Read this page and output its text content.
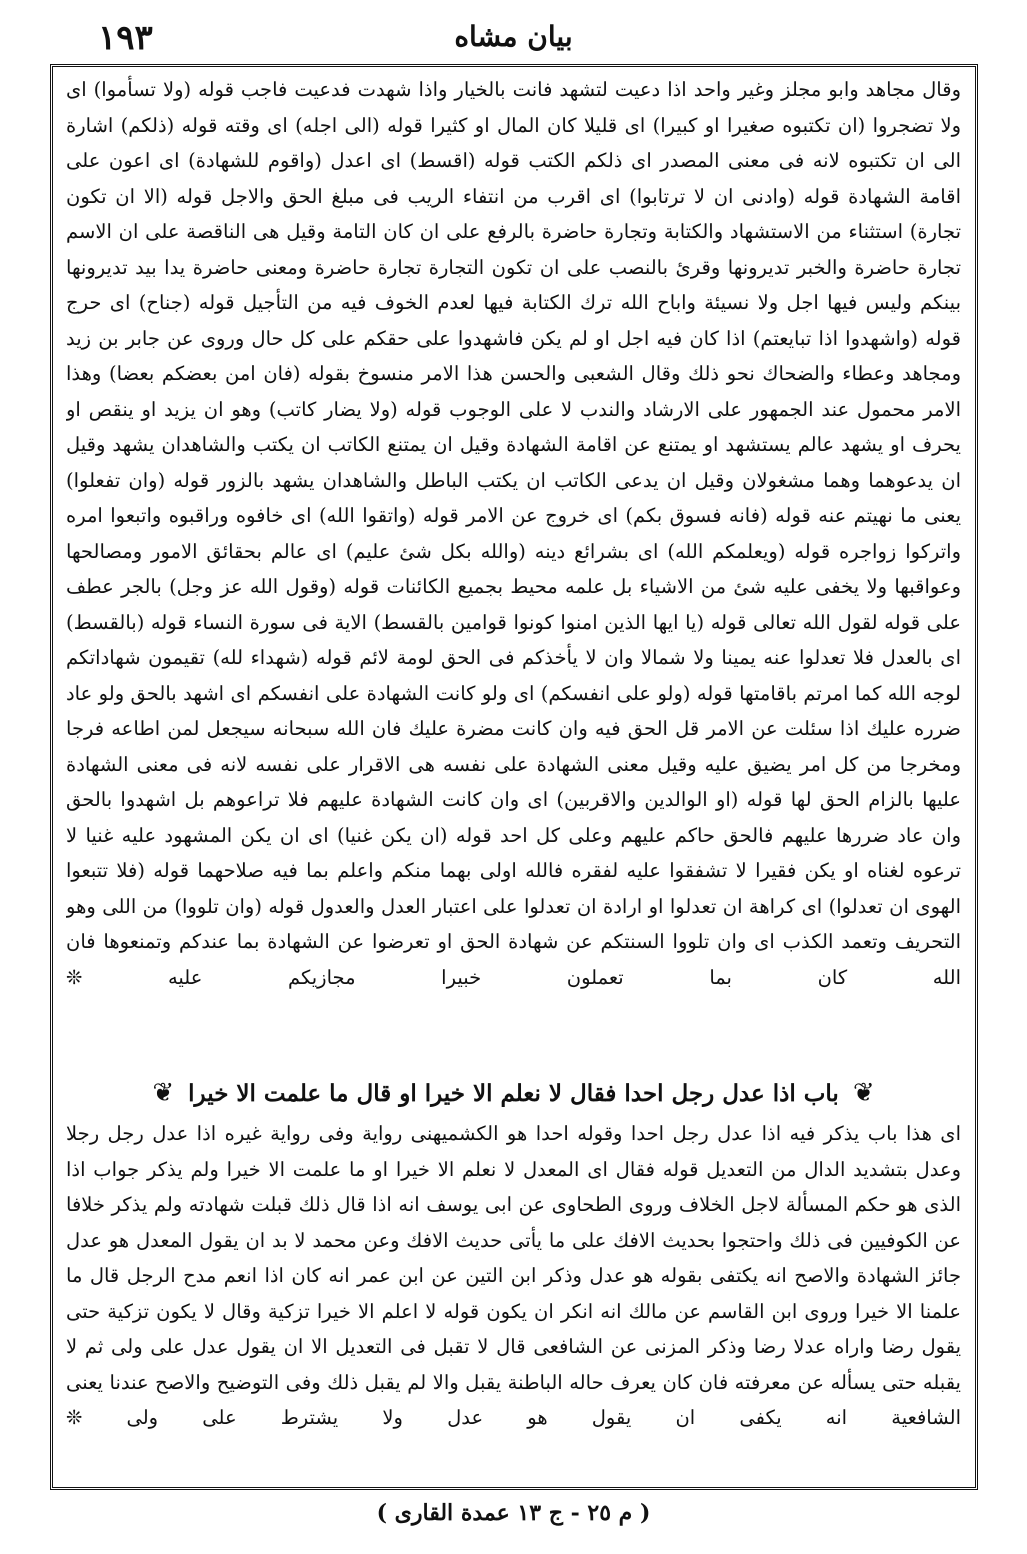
١٩٣	بيان مشاه

وقال مجاهد وابو مجلز وغير واحد اذا دعيت لتشهد فانت بالخيار واذا شهدت فدعيت فاجب قوله (ولا تسأموا) اى ولا تضجروا (ان تكتبوه صغيرا او كبيرا) اى قليلا كان المال او كثيرا قوله (الى اجله) اى وقته قوله (ذلكم) اشارة الى ان تكتبوه لانه فى معنى المصدر اى ذلكم الكتب قوله (اقسط) اى اعدل (واقوم للشهادة) اى اعون على اقامة الشهادة قوله (وادنى ان لا ترتابوا) اى اقرب من انتفاء الريب فى مبلغ الحق والاجل قوله (الا ان تكون تجارة) استثناء من الاستشهاد والكتابة وتجارة حاضرة بالرفع على ان كان التامة وقيل هى الناقصة على ان الاسم تجارة حاضرة والخبر تديرونها وقرئ بالنصب على ان تكون التجارة تجارة حاضرة ومعنى حاضرة يدا بيد تديرونها بينكم وليس فيها اجل ولا نسيئة واباح الله ترك الكتابة فيها لعدم الخوف فيه من التأجيل قوله (جناح) اى حرج قوله (واشهدوا اذا تبايعتم) اذا كان فيه اجل او لم يكن فاشهدوا على حقكم على كل حال وروى عن جابر بن زيد ومجاهد وعطاء والضحاك نحو ذلك وقال الشعبى والحسن هذا الامر منسوخ بقوله (فان امن بعضكم بعضا) وهذا الامر محمول عند الجمهور على الارشاد والندب لا على الوجوب قوله (ولا يضار كاتب) وهو ان يزيد او ينقص او يحرف او يشهد عالم يستشهد او يمتنع عن اقامة الشهادة وقيل ان يمتنع الكاتب ان يكتب والشاهدان يشهد وقيل ان يدعوهما وهما مشغولان وقيل ان يدعى الكاتب ان يكتب الباطل والشاهدان يشهد بالزور قوله (وان تفعلوا) يعنى ما نهيتم عنه قوله (فانه فسوق بكم) اى خروج عن الامر قوله (واتقوا الله) اى خافوه وراقبوه واتبعوا امره واتركوا زواجره قوله (ويعلمكم الله) اى بشرائع دينه (والله بكل شئ عليم) اى عالم بحقائق الامور ومصالحها وعواقبها ولا يخفى عليه شئ من الاشياء بل علمه محيط بجميع الكائنات قوله (وقول الله عز وجل) بالجر عطف على قوله لقول الله تعالى قوله (يا ايها الذين امنوا كونوا قوامين بالقسط) الاية فى سورة النساء قوله (بالقسط) اى بالعدل فلا تعدلوا عنه يمينا ولا شمالا وان لا يأخذكم فى الحق لومة لائم قوله (شهداء لله) تقيمون شهاداتكم لوجه الله كما امرتم باقامتها قوله (ولو على انفسكم) اى ولو كانت الشهادة على انفسكم اى اشهد بالحق ولو عاد ضرره عليك اذا سئلت عن الامر قل الحق فيه وان كانت مضرة عليك فان الله سبحانه سيجعل لمن اطاعه فرجا ومخرجا من كل امر يضيق عليه وقيل معنى الشهادة على نفسه هى الاقرار على نفسه لانه فى معنى الشهادة عليها بالزام الحق لها قوله (او الوالدين والاقربين) اى وان كانت الشهادة عليهم فلا تراعوهم بل اشهدوا بالحق وان عاد ضررها عليهم فالحق حاكم عليهم وعلى كل احد قوله (ان يكن غنيا) اى ان يكن المشهود عليه غنيا لا ترعوه لغناه او يكن فقيرا لا تشفقوا عليه لفقره فالله اولى بهما منكم واعلم بما فيه صلاحهما قوله (فلا تتبعوا الهوى ان تعدلوا) اى كراهة ان تعدلوا او ارادة ان تعدلوا على اعتبار العدل والعدول قوله (وان تلووا) من اللى وهو التحريف وتعمد الكذب اى وان تلووا السنتكم عن شهادة الحق او تعرضوا عن الشهادة بما عندكم وتمنعوها فان الله كان بما تعملون خبيرا مجازيكم عليه ❊

❦
باب اذا عدل رجل احدا فقال لا نعلم الا خيرا او قال ما علمت الا خيرا
❦

اى هذا باب يذكر فيه اذا عدل رجل احدا وقوله احدا هو الكشميهنى رواية وفى رواية غيره اذا عدل رجل رجلا وعدل بتشديد الدال من التعديل قوله فقال اى المعدل لا نعلم الا خيرا او ما علمت الا خيرا ولم يذكر جواب اذا الذى هو حكم المسألة لاجل الخلاف وروى الطحاوى عن ابى يوسف انه اذا قال ذلك قبلت شهادته ولم يذكر خلافا عن الكوفيين فى ذلك واحتجوا بحديث الافك على ما يأتى حديث الافك وعن محمد لا بد ان يقول المعدل هو عدل جائز الشهادة والاصح انه يكتفى بقوله هو عدل وذكر ابن التين عن ابن عمر انه كان اذا انعم مدح الرجل قال ما علمنا الا خيرا وروى ابن القاسم عن مالك انه انكر ان يكون قوله لا اعلم الا خيرا تزكية وقال لا يكون تزكية حتى يقول رضا واراه عدلا رضا وذكر المزنى عن الشافعى قال لا تقبل فى التعديل الا ان يقول عدل على ولى ثم لا يقبله حتى يسأله عن معرفته فان كان يعرف حاله الباطنة يقبل والا لم يقبل ذلك وفى التوضيح والاصح عندنا يعنى الشافعية انه يكفى ان يقول هو عدل ولا يشترط على ولى ❊

( م ٢٥ - ج ١٣ عمدة القارى )
